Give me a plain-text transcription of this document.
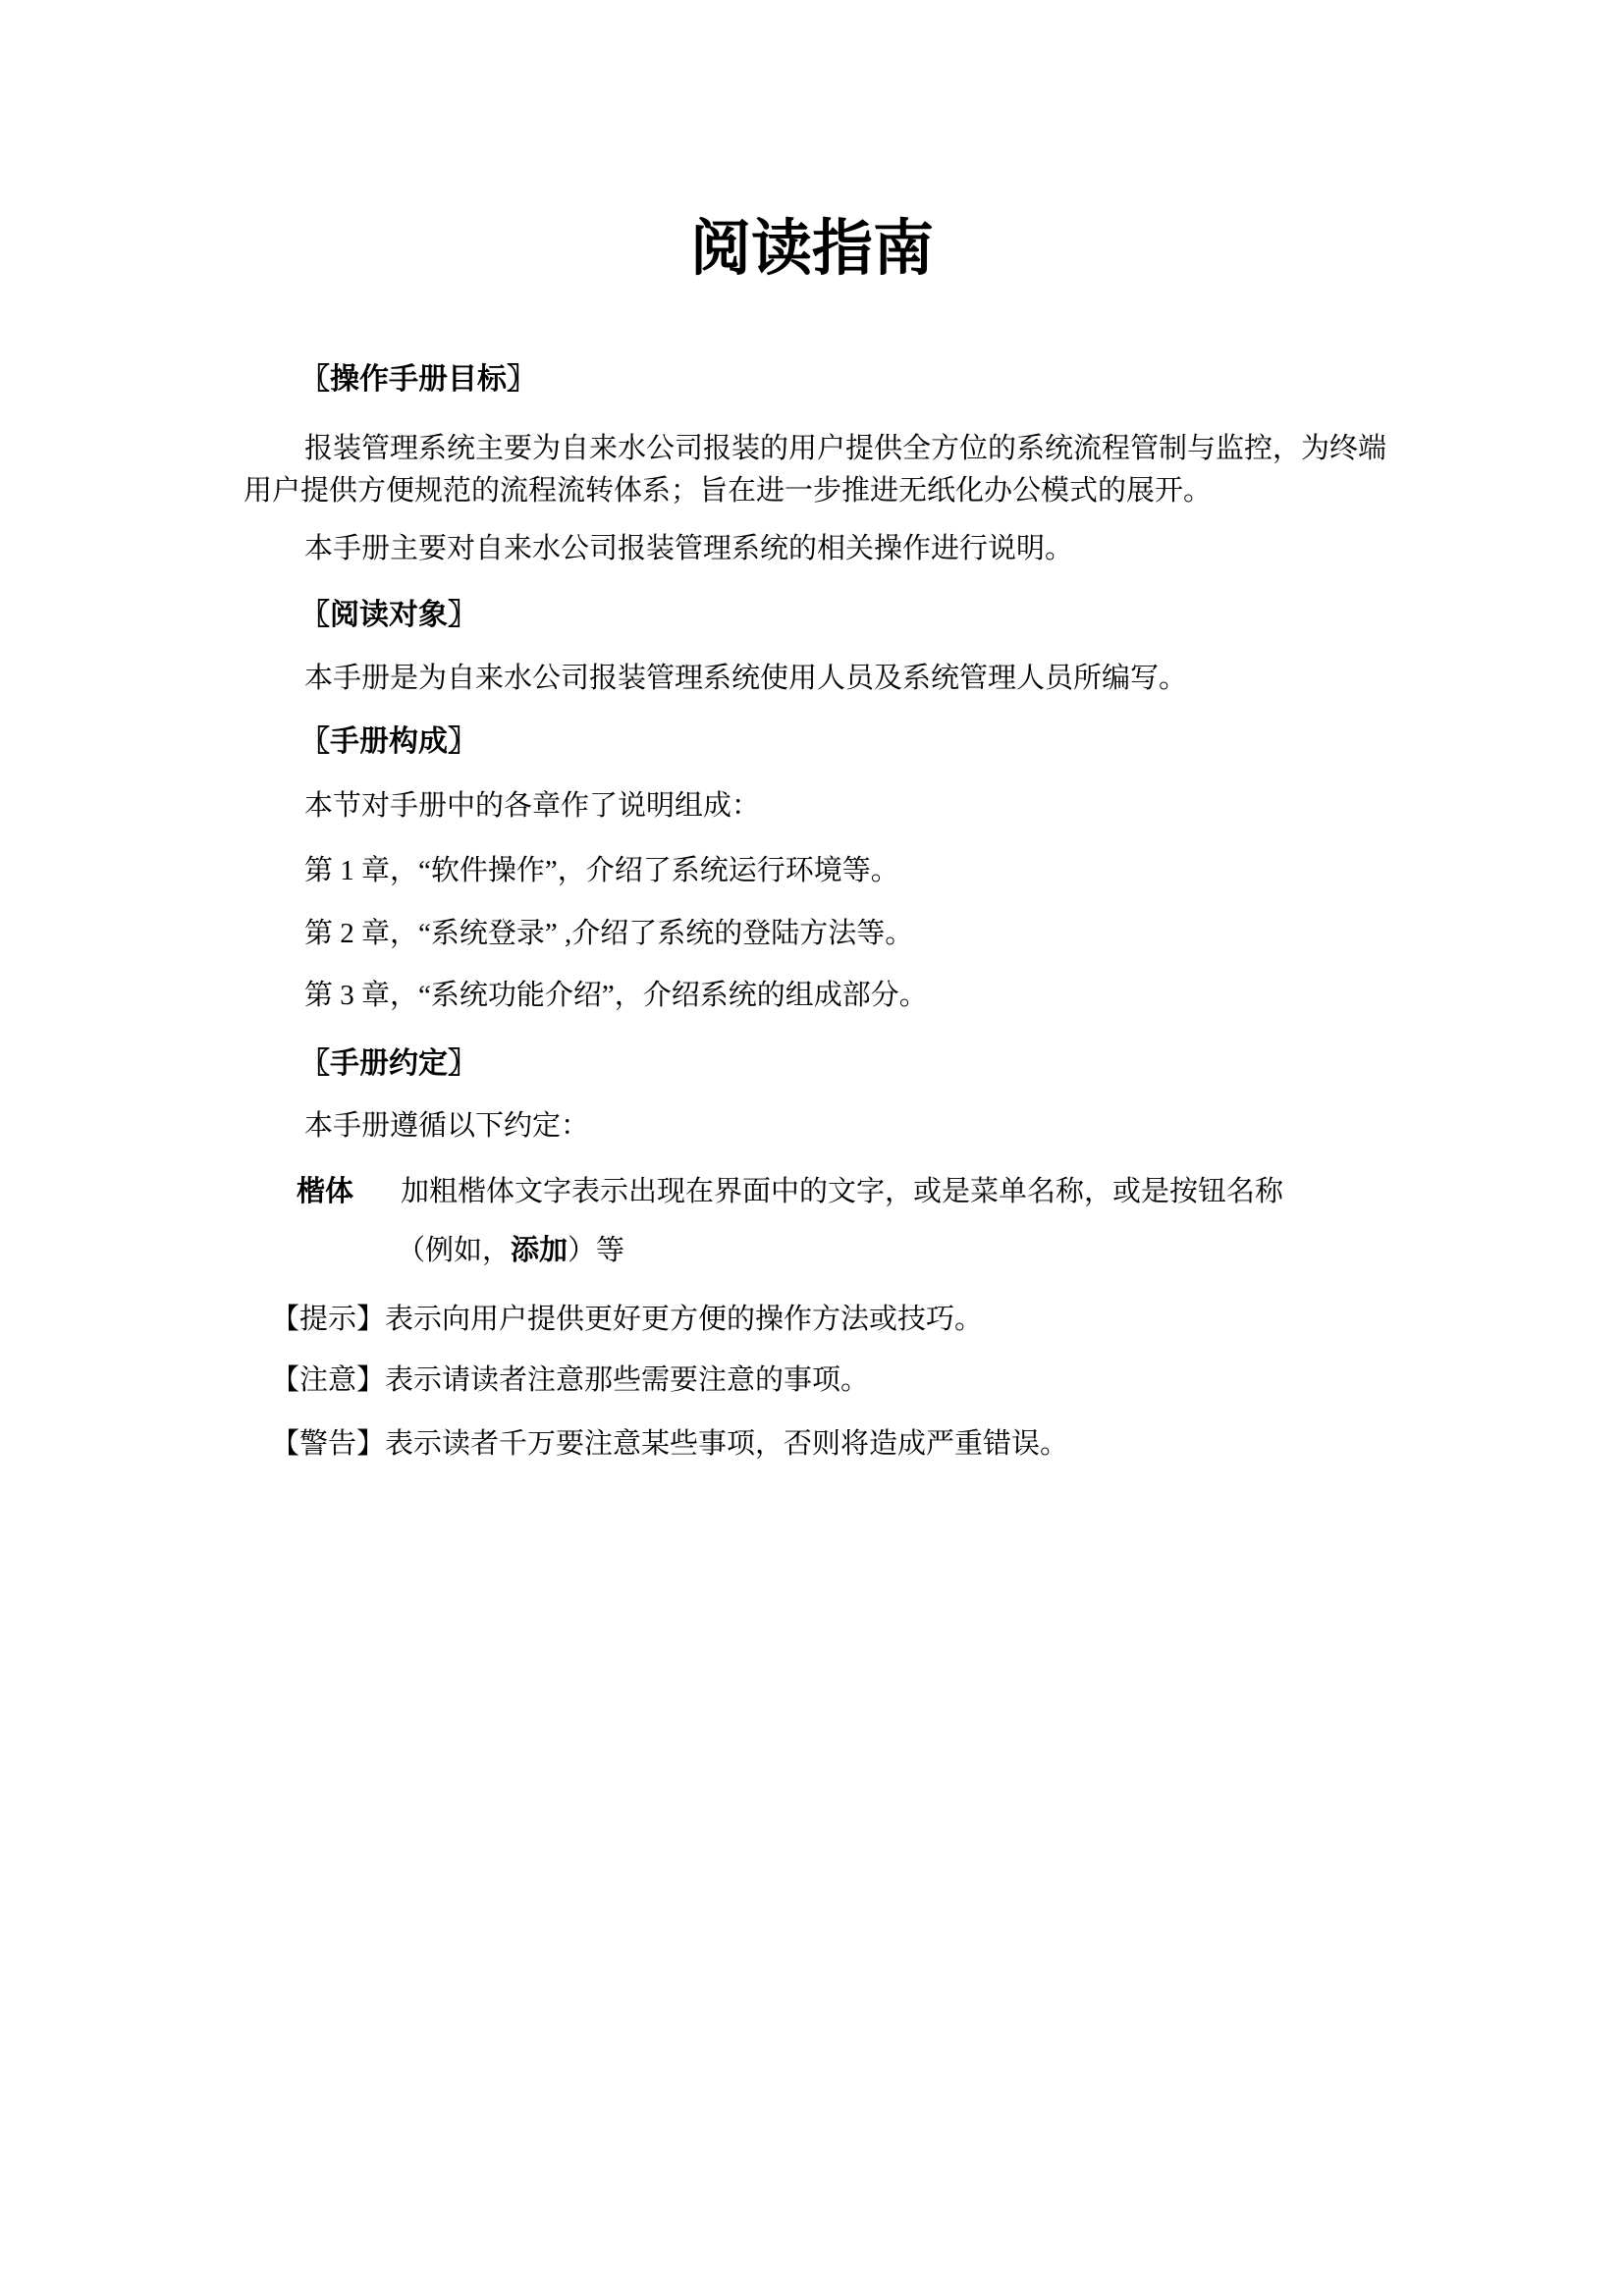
阅读指南
〖操作手册目标〗

报装管理系统主要为自来水公司报装的用户提供全方位的系统流程管制与监控，为终端

用户提供方便规范的流程流转体系；旨在进一步推进无纸化办公模式的展开。

本手册主要对自来水公司报装管理系统的相关操作进行说明。

〖阅读对象〗

本手册是为自来水公司报装管理系统使用人员及系统管理人员所编写。

〖手册构成〗

本节对手册中的各章作了说明组成：

第 1 章，“软件操作”，介绍了系统运行环境等。

第 2 章，“系统登录” ,介绍了系统的登陆方法等。

第 3 章，“系统功能介绍”，介绍系统的组成部分。

〖手册约定〗

本手册遵循以下约定：

楷体 加粗楷体文字表示出现在界面中的文字，或是菜单名称，或是按钮名称

（例如，添加）等

【提示】表示向用户提供更好更方便的操作方法或技巧。

【注意】表示请读者注意那些需要注意的事项。

【警告】表示读者千万要注意某些事项，否则将造成严重错误。
